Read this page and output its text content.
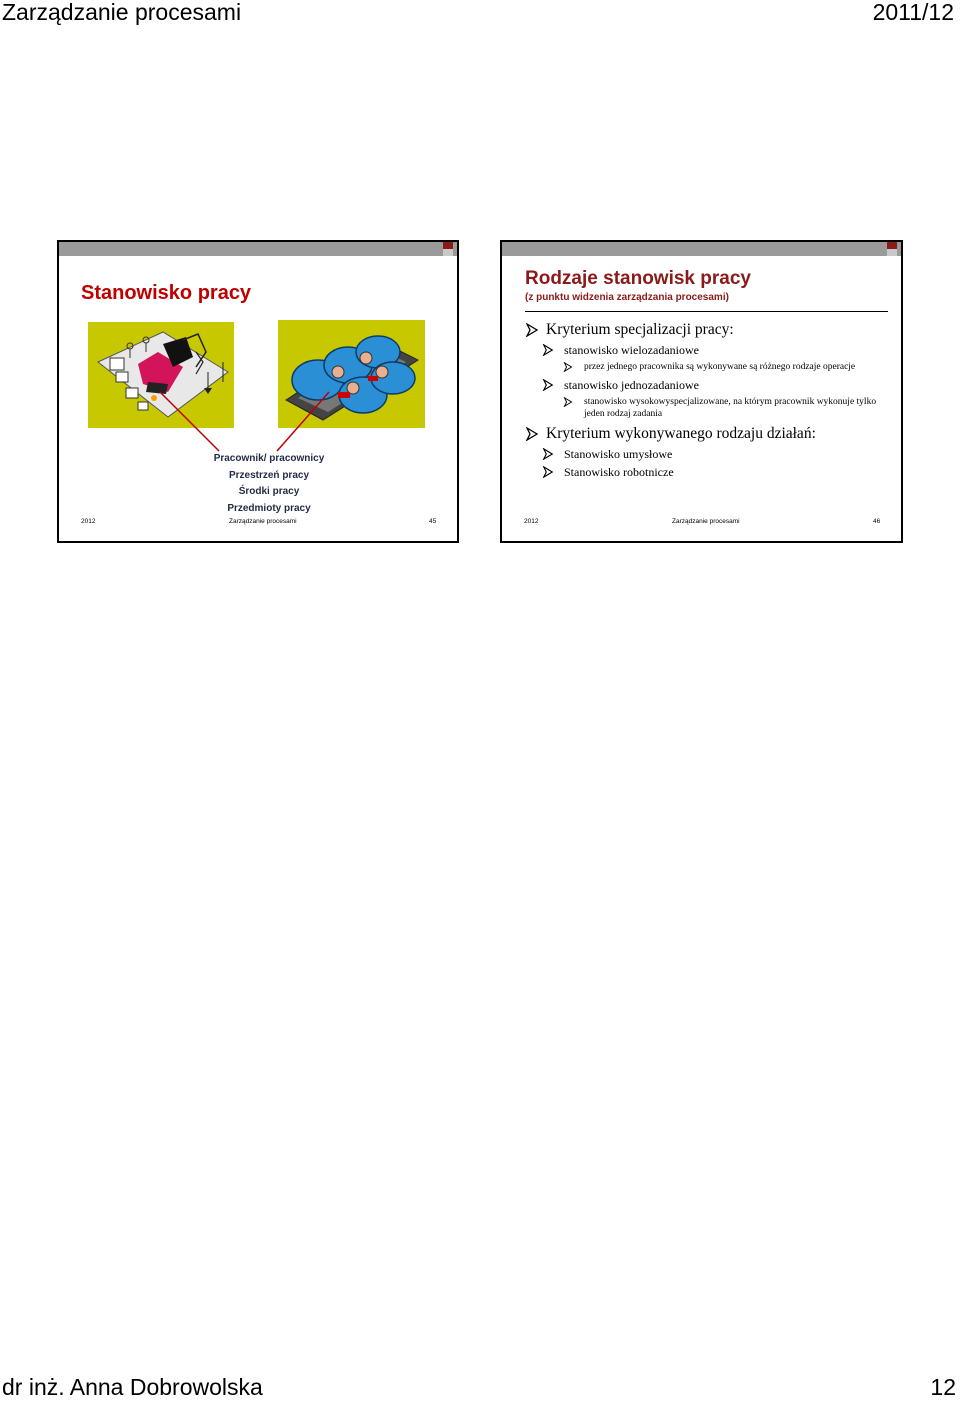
Zarządzanie procesami	2011/12
Stanowisko pracy
Pracownik/ pracownicy
Przestrzeń pracy
Środki pracy
Przedmioty pracy
2012	Zarządzanie procesami	45
Rodzaje stanowisk pracy
(z punktu widzenia zarządzania procesami)
Kryterium specjalizacji pracy:
stanowisko wielozadaniowe
przez jednego pracownika są wykonywane są różnego rodzaje operacje
stanowisko jednozadaniowe
stanowisko wysokowyspecjalizowane, na którym pracownik wykonuje tylko jeden rodzaj zadania
Kryterium wykonywanego rodzaju działań:
Stanowisko umysłowe
Stanowisko robotnicze
2012	Zarządzanie procesami	46
dr inż. Anna Dobrowolska	12
